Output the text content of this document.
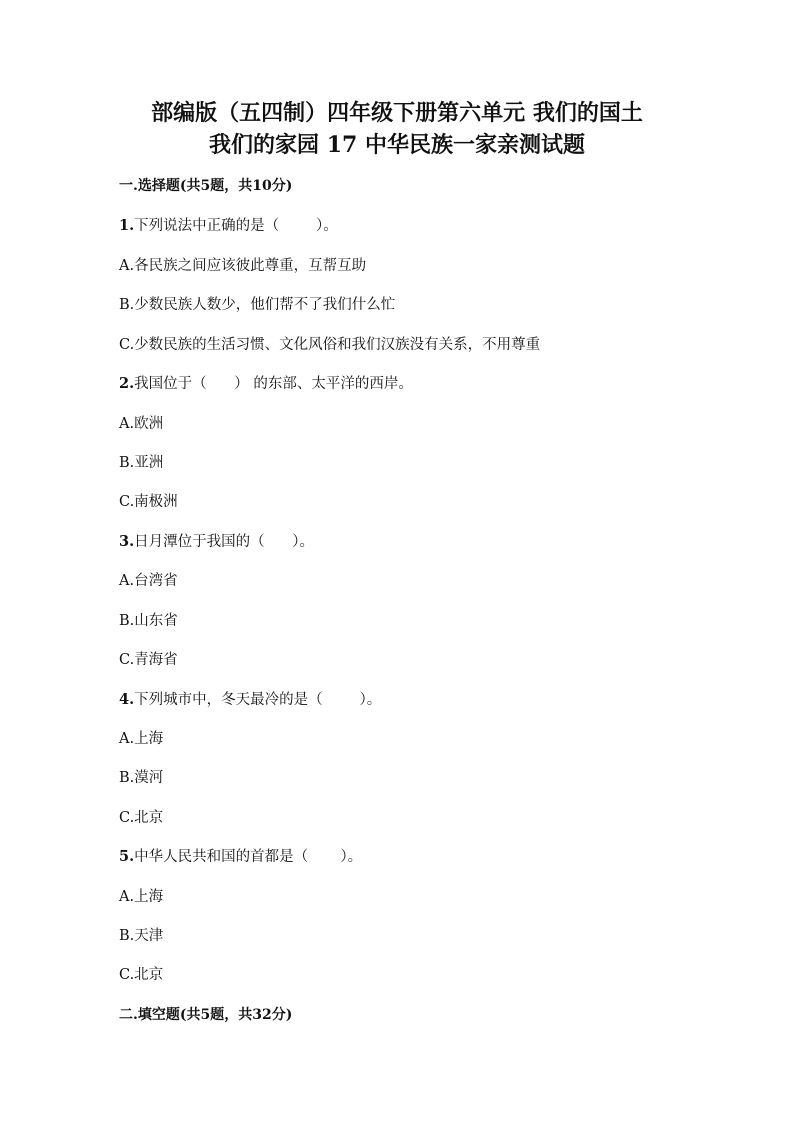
部编版（五四制）四年级下册第六单元 我们的国土
我们的家园 17 中华民族一家亲测试题

一.选择题(共5题，共10分)

1.下列说法中正确的是（        ）。

A.各民族之间应该彼此尊重，互帮互助

B.少数民族人数少，他们帮不了我们什么忙

C.少数民族的生活习惯、文化风俗和我们汉族没有关系，不用尊重

2.我国位于（      ） 的东部、太平洋的西岸。

A.欧洲

B.亚洲

C.南极洲

3.日月潭位于我国的（      ）。

A.台湾省

B.山东省

C.青海省

4.下列城市中，冬天最冷的是（        ）。

A.上海

B.漠河

C.北京

5.中华人民共和国的首都是（       ）。

A.上海

B.天津

C.北京

二.填空题(共5题，共32分)
